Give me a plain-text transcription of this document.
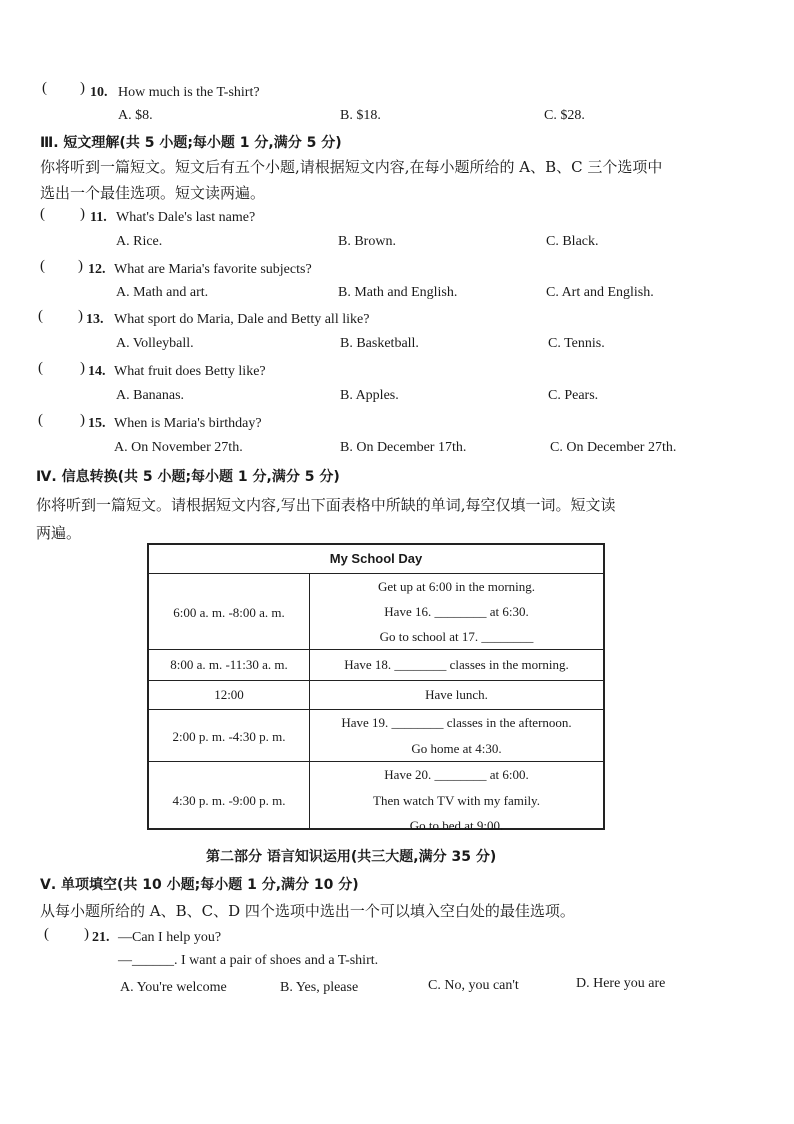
( ) 10. How much is the T-shirt?
A. $8.	B. $18.	C. $28.
Ⅲ. 短文理解(共 5 小题;每小题 1 分,满分 5 分)
你将听到一篇短文。短文后有五个小题,请根据短文内容,在每小题所给的 A、B、C 三个选项中
选出一个最佳选项。短文读两遍。
( ) 11. What's Dale's last name?
A. Rice.	B. Brown.	C. Black.
( ) 12. What are Maria's favorite subjects?
A. Math and art.	B. Math and English.	C. Art and English.
( ) 13. What sport do Maria, Dale and Betty all like?
A. Volleyball.	B. Basketball.	C. Tennis.
( ) 14. What fruit does Betty like?
A. Bananas.	B. Apples.	C. Pears.
( ) 15. When is Maria's birthday?
A. On November 27th.	B. On December 17th.	C. On December 27th.
Ⅳ. 信息转换(共 5 小题;每小题 1 分,满分 5 分)
你将听到一篇短文。请根据短文内容,写出下面表格中所缺的单词,每空仅填一词。短文读
两遍。
My School Day
6:00 a. m. -8:00 a. m.
Get up at 6:00 in the morning.
Have 16. ________ at 6:30.
Go to school at 17. ________
8:00 a. m. -11:30 a. m.	Have 18. ________ classes in the morning.
12:00	Have lunch.
2:00 p. m. -4:30 p. m.
Have 19. ________ classes in the afternoon.
Go home at 4:30.
4:30 p. m. -9:00 p. m.
Have 20. ________ at 6:00.
Then watch TV with my family.
Go to bed at 9:00.
第二部分 语言知识运用(共三大题,满分 35 分)
Ⅴ. 单项填空(共 10 小题;每小题 1 分,满分 10 分)
从每小题所给的 A、B、C、D 四个选项中选出一个可以填入空白处的最佳选项。
( ) 21. —Can I help you?
—______. I want a pair of shoes and a T-shirt.
A. You're welcome	B. Yes, please	C. No, you can't	D. Here you are
